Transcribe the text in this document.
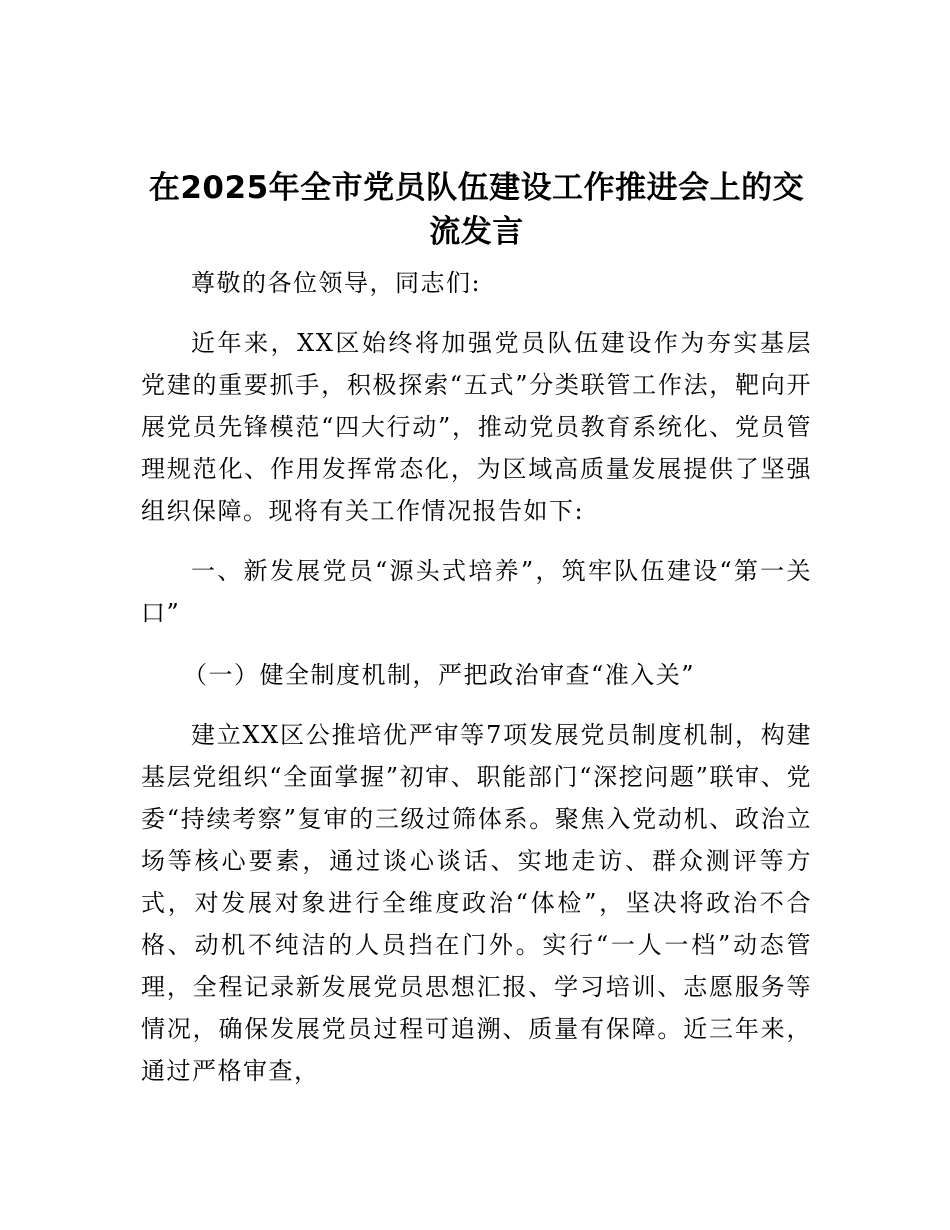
在2025年全市党员队伍建设工作推进会上的交
流发言

尊敬的各位领导，同志们:

近年来，XX区始终将加强党员队伍建设作为夯实基层党建的重要抓手，积极探索“五式”分类联管工作法，靶向开展党员先锋模范“四大行动”，推动党员教育系统化、党员管理规范化、作用发挥常态化，为区域高质量发展提供了坚强组织保障。现将有关工作情况报告如下:

一、新发展党员“源头式培养”，筑牢队伍建设“第一关口”

（一）健全制度机制，严把政治审查“准入关”

建立XX区公推培优严审等7项发展党员制度机制，构建基层党组织“全面掌握”初审、职能部门“深挖问题”联审、党委“持续考察”复审的三级过筛体系。聚焦入党动机、政治立场等核心要素，通过谈心谈话、实地走访、群众测评等方式，对发展对象进行全维度政治“体检”，坚决将政治不合格、动机不纯洁的人员挡在门外。实行“一人一档”动态管理，全程记录新发展党员思想汇报、学习培训、志愿服务等情况，确保发展党员过程可追溯、质量有保障。近三年来，通过严格审查，
